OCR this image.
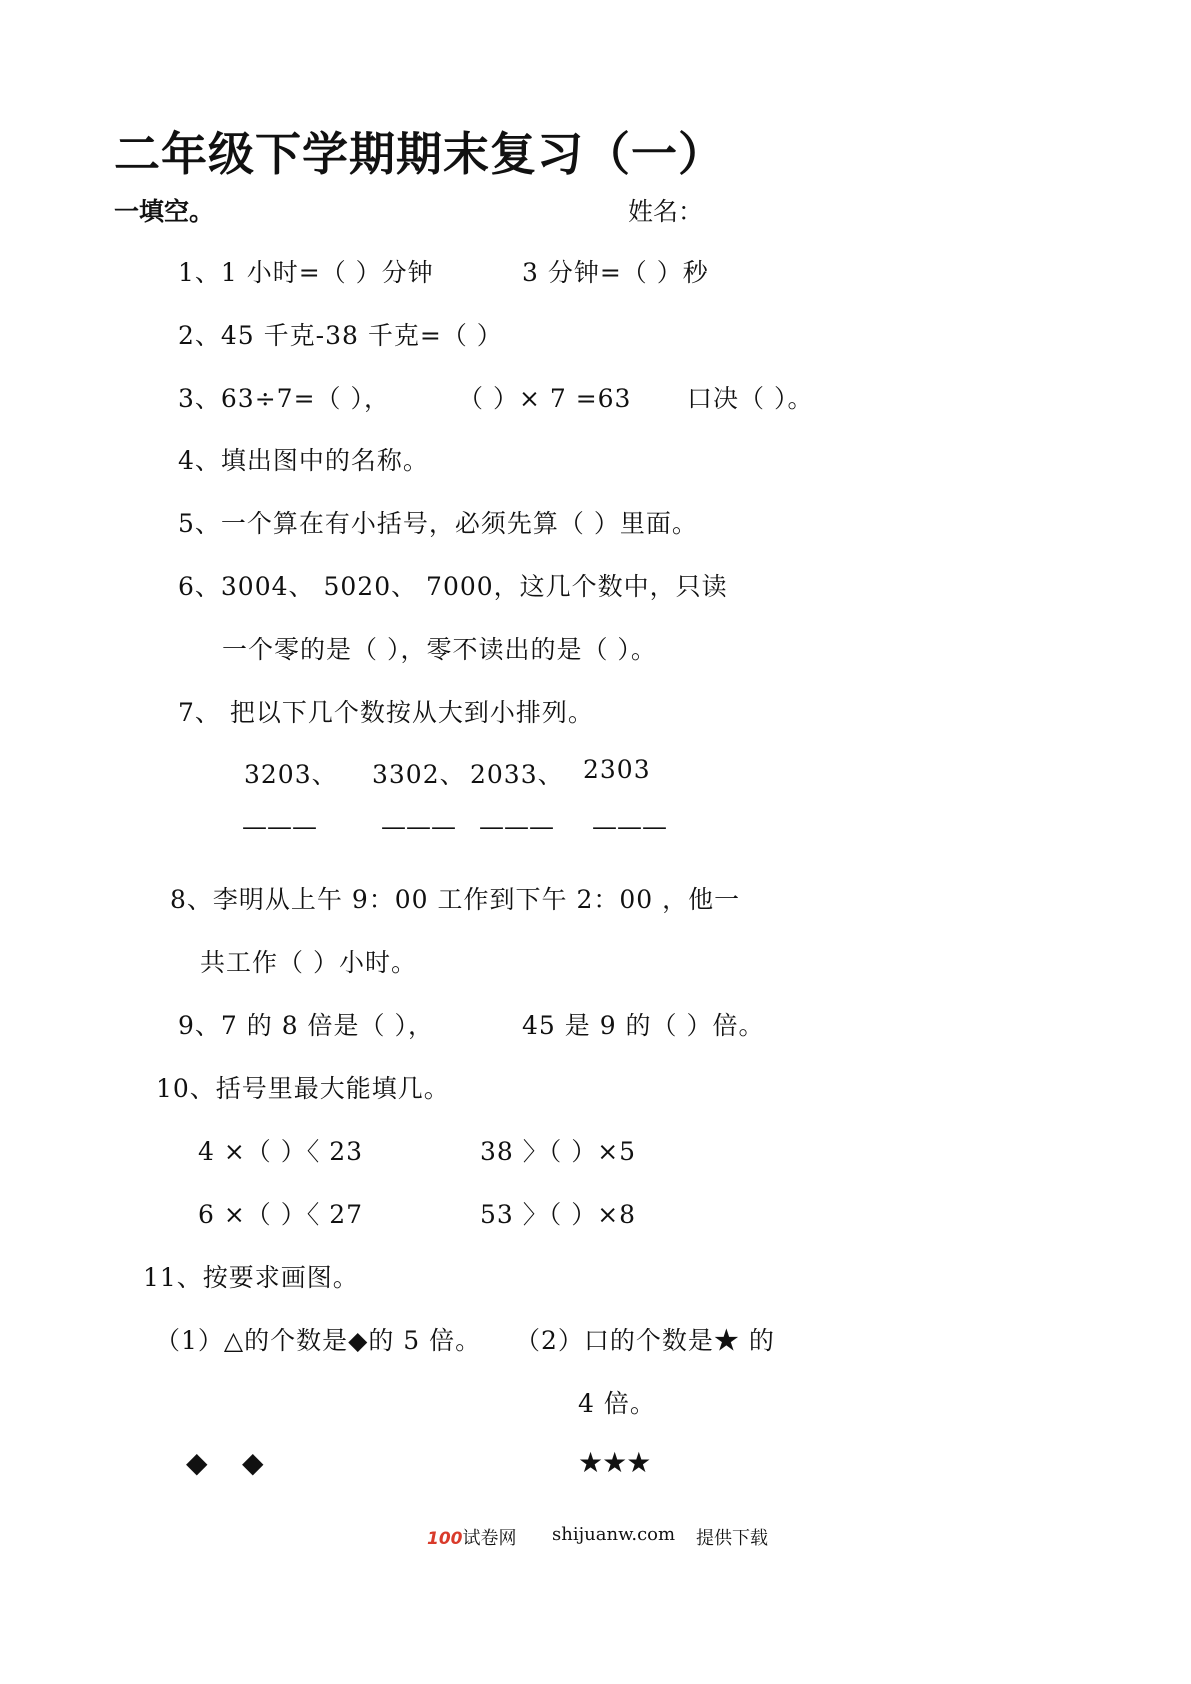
二年级下学期期末复习（一）
一填空。	姓名：
1、1 小时=（ ）分钟	3 分钟=（ ）秒
2、45 千克-38 千克=（ ）
3、63÷7=（ ），	（ ）× 7 =63 口决（ ）。
4、填出图中的名称。
5、一个算在有小括号，必须先算（ ）里面。
6、3004、 5020、 7000，这几个数中，只读
一个零的是（ ），零不读出的是（ ）。
7、 把以下几个数按从大到小排列。
3203、 3302、 2033、 2303
———	——— ——— ———
8、李明从上午 9：00 工作到下午 2：00 ，他一
共工作（ ）小时。
9、7 的 8 倍是（ ），	45 是 9 的（ ）倍。
10、括号里最大能填几。
4 ×（ ）〈 23	38 〉（ ）×5
6 ×（ ）〈 27	53 〉（ ）×8
11、按要求画图。
（1）△的个数是◆的 5 倍。 （2）口的个数是★ 的
4 倍。
◆ ◆	★★★
100试卷网 shijuanw.com 提供下载
